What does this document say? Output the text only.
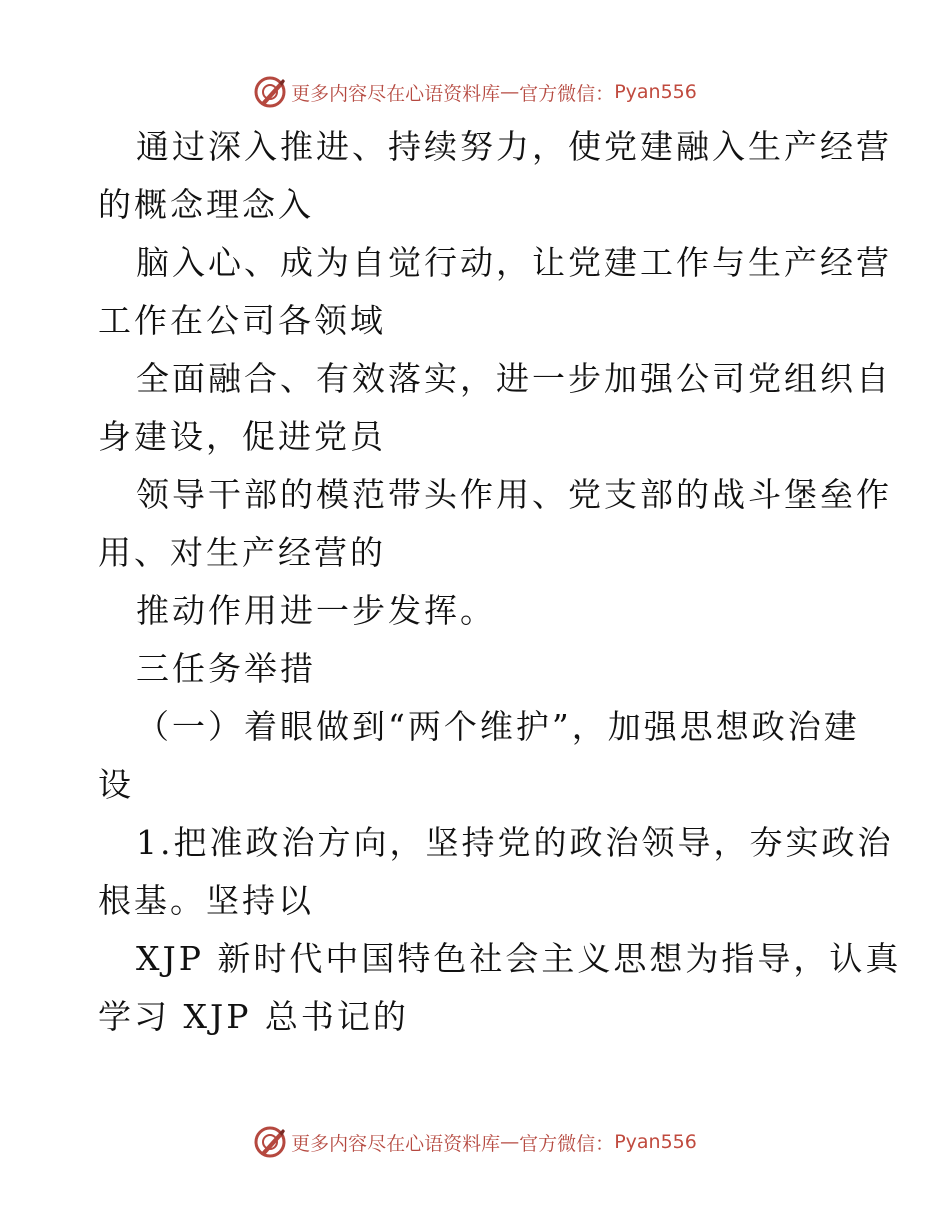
更多内容尽在心语资料库 — 官方微信： Pyan556

通过深入推进、持续努力，使党建融入生产经营
的概念理念入

脑入心、成为自觉行动，让党建工作与生产经营
工作在公司各领域

全面融合、有效落实，进一步加强公司党组织自
身建设，促进党员

领导干部的模范带头作用、党支部的战斗堡垒作
用、对生产经营的

推动作用进一步发挥。

三任务举措

（一）着眼做到“两个维护”，加强思想政治建
设

1.把准政治方向，坚持党的政治领导，夯实政治
根基。坚持以

XJP 新时代中国特色社会主义思想为指导，认真
学习 XJP 总书记的

更多内容尽在心语资料库 — 官方微信： Pyan556
